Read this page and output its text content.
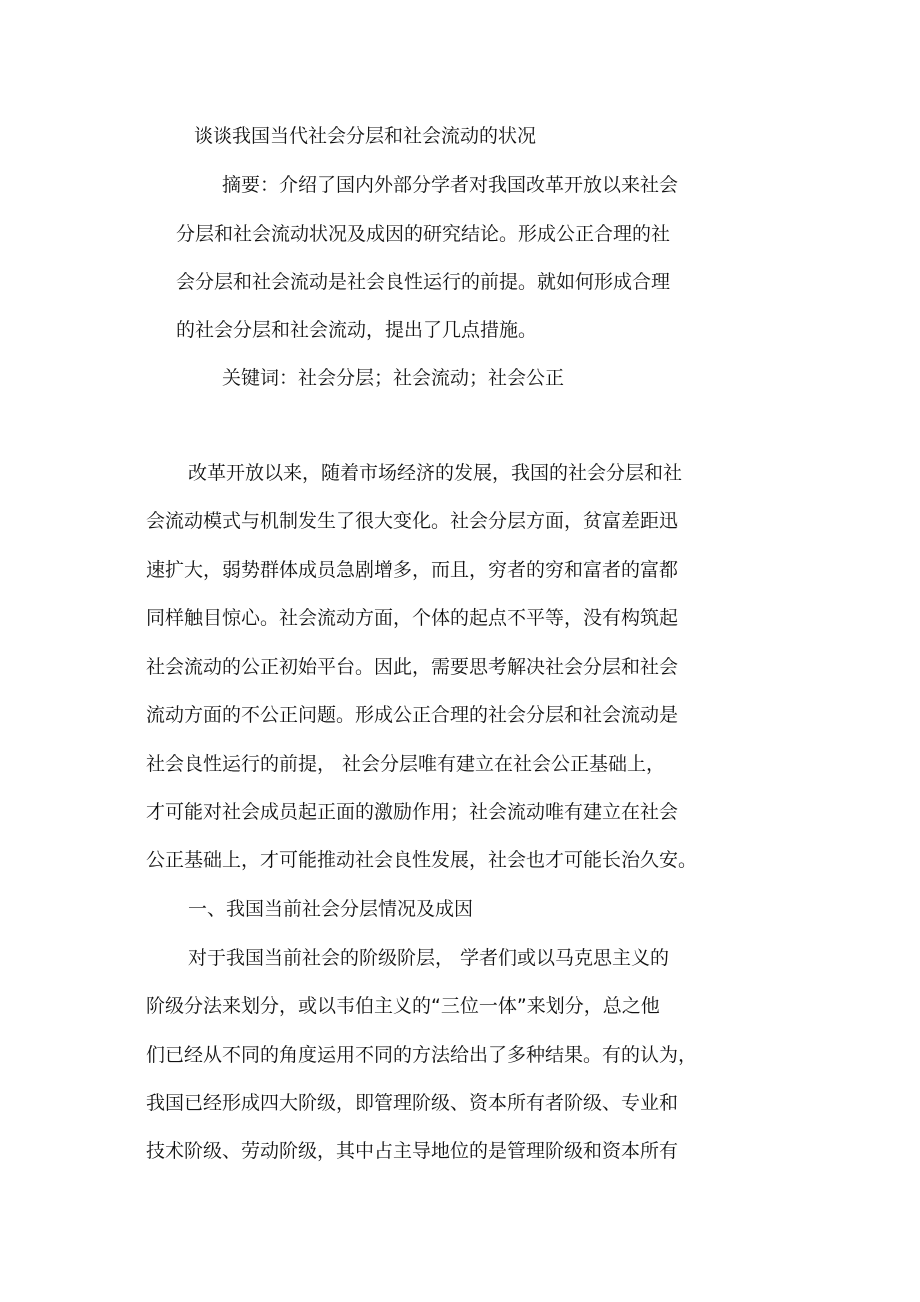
谈谈我国当代社会分层和社会流动的状况
摘要：介绍了国内外部分学者对我国改革开放以来社会
分层和社会流动状况及成因的研究结论。形成公正合理的社
会分层和社会流动是社会良性运行的前提。就如何形成合理
的社会分层和社会流动，提出了几点措施。
关键词：社会分层；社会流动；社会公正
改革开放以来，随着市场经济的发展，我国的社会分层和社
会流动模式与机制发生了很大变化。社会分层方面，贫富差距迅
速扩大，弱势群体成员急剧增多，而且，穷者的穷和富者的富都
同样触目惊心。社会流动方面，个体的起点不平等，没有构筑起
社会流动的公正初始平台。因此，需要思考解决社会分层和社会
流动方面的不公正问题。形成公正合理的社会分层和社会流动是
社会良性运行的前提， 社会分层唯有建立在社会公正基础上，
才可能对社会成员起正面的激励作用；社会流动唯有建立在社会
公正基础上，才可能推动社会良性发展，社会也才可能长治久安。
一、我国当前社会分层情况及成因
对于我国当前社会的阶级阶层， 学者们或以马克思主义的
阶级分法来划分，或以韦伯主义的“三位一体”来划分，总之他
们已经从不同的角度运用不同的方法给出了多种结果。有的认为，
我国已经形成四大阶级，即管理阶级、资本所有者阶级、专业和
技术阶级、劳动阶级，其中占主导地位的是管理阶级和资本所有
